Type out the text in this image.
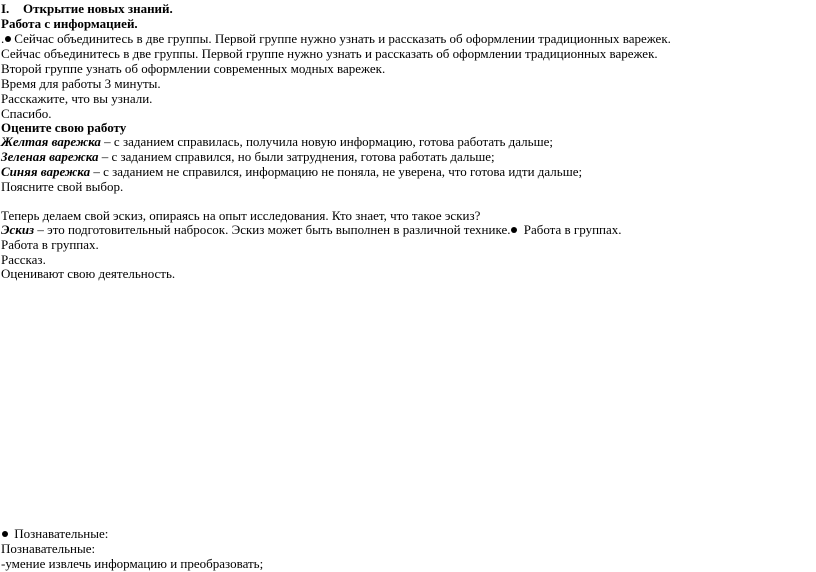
I. Открытие новых знаний.
Работа с информацией.
. Сейчас объединитесь в две группы. Первой группе нужно узнать и рассказать об оформлении традиционных варежек.
Сейчас объединитесь в две группы. Первой группе нужно узнать и рассказать об оформлении традиционных варежек.
Второй группе узнать об оформлении современных модных варежек.
Время для работы 3 минуты.
Расскажите, что вы узнали.
Спасибо.
Оцените свою работу
Желтая варежка – с заданием справилась, получила новую информацию, готова работать дальше;
Зеленая варежка – с заданием справился, но были затруднения, готова работать дальше;
Синяя варежка – с заданием не справился, информацию не поняла, не уверена, что готова идти дальше;
Поясните свой выбор.
Теперь делаем свой эскиз, опираясь на опыт исследования. Кто знает, что такое эскиз?
Эскиз – это подготовительный набросок. Эскиз может быть выполнен в различной технике. Работа в группах.
Работа в группах.
Рассказ.
Оценивают свою деятельность.
Познавательные:
Познавательные:
-умение извлечь информацию и преобразовать;
